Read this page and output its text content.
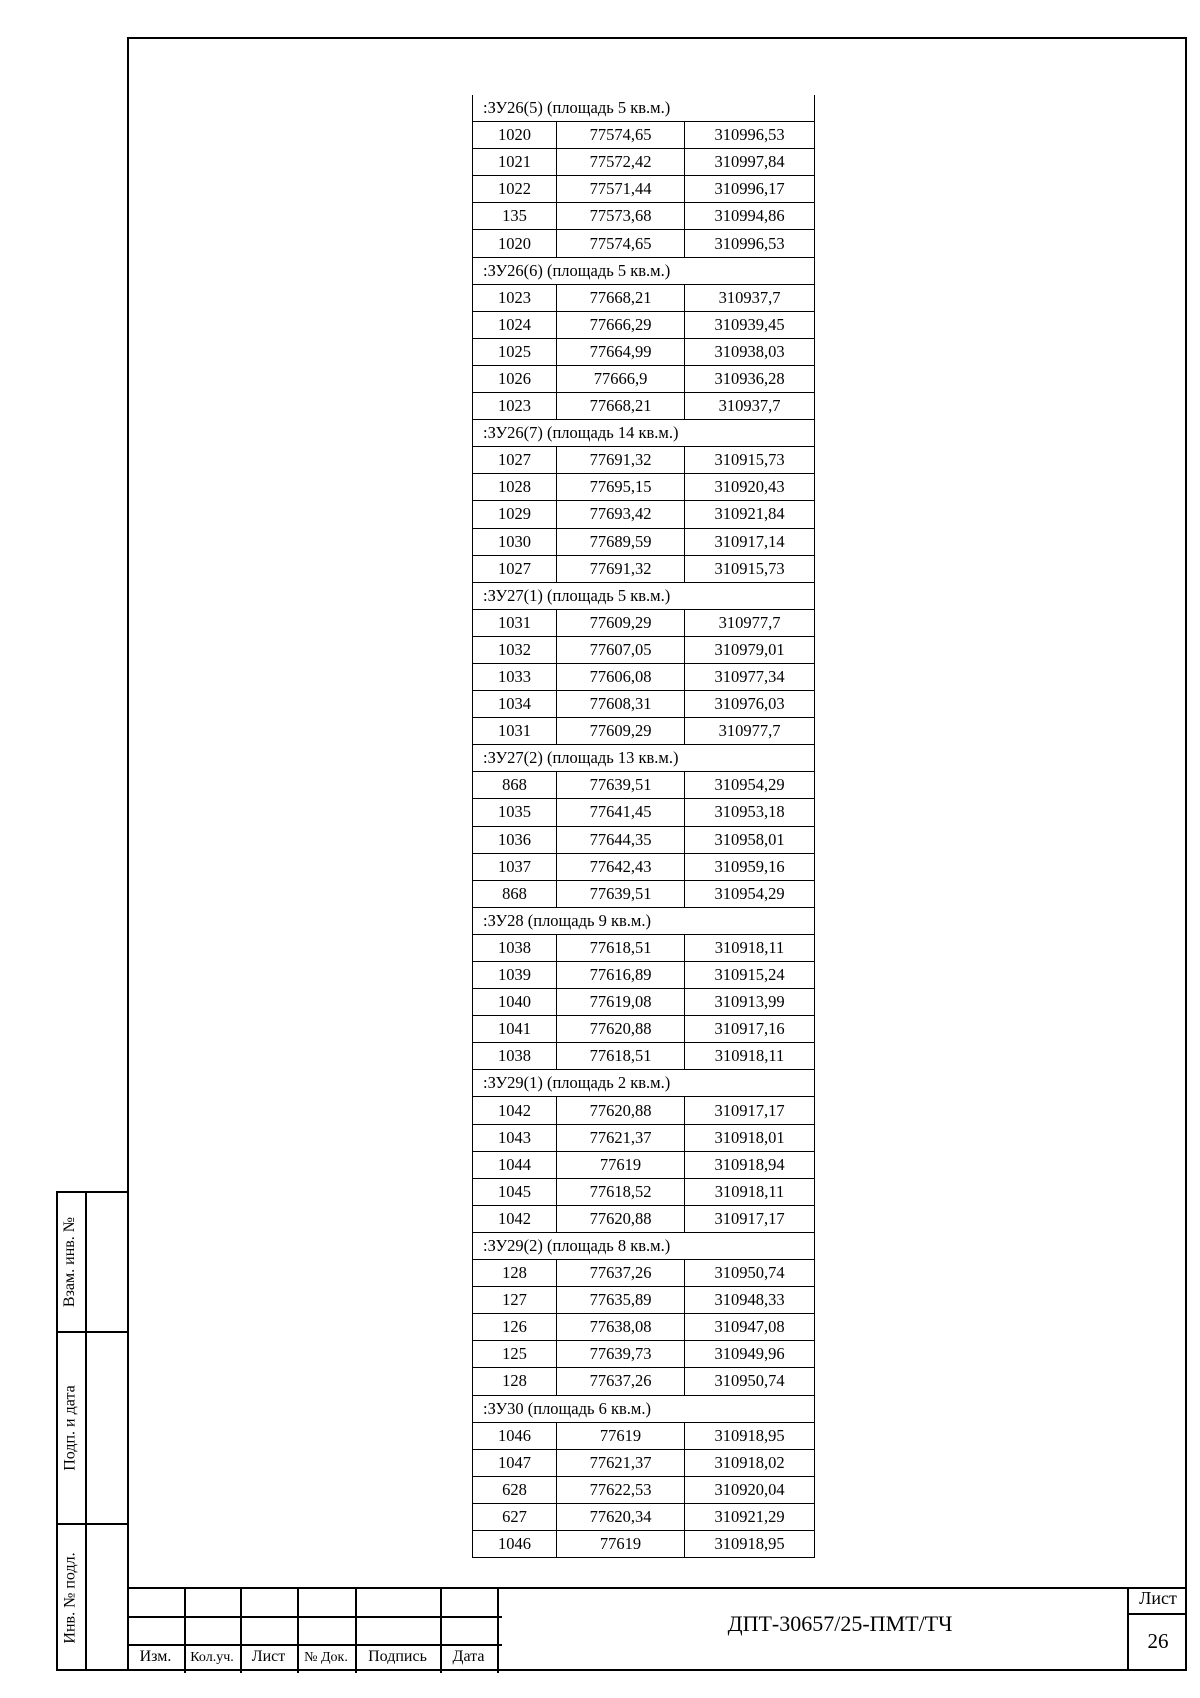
Взам. инв. №
Подп. и дата
Инв. № подл.
:ЗУ26(5) (площадь 5 кв.м.)		
1020	77574,65	310996,53
1021	77572,42	310997,84
1022	77571,44	310996,17
135	77573,68	310994,86
1020	77574,65	310996,53
:ЗУ26(6) (площадь 5 кв.м.)		
1023	77668,21	310937,7
1024	77666,29	310939,45
1025	77664,99	310938,03
1026	77666,9	310936,28
1023	77668,21	310937,7
:ЗУ26(7) (площадь 14 кв.м.)		
1027	77691,32	310915,73
1028	77695,15	310920,43
1029	77693,42	310921,84
1030	77689,59	310917,14
1027	77691,32	310915,73
:ЗУ27(1) (площадь 5 кв.м.)		
1031	77609,29	310977,7
1032	77607,05	310979,01
1033	77606,08	310977,34
1034	77608,31	310976,03
1031	77609,29	310977,7
:ЗУ27(2) (площадь 13 кв.м.)		
868	77639,51	310954,29
1035	77641,45	310953,18
1036	77644,35	310958,01
1037	77642,43	310959,16
868	77639,51	310954,29
:ЗУ28 (площадь 9 кв.м.)		
1038	77618,51	310918,11
1039	77616,89	310915,24
1040	77619,08	310913,99
1041	77620,88	310917,16
1038	77618,51	310918,11
:ЗУ29(1) (площадь 2 кв.м.)		
1042	77620,88	310917,17
1043	77621,37	310918,01
1044	77619	310918,94
1045	77618,52	310918,11
1042	77620,88	310917,17
:ЗУ29(2) (площадь 8 кв.м.)		
128	77637,26	310950,74
127	77635,89	310948,33
126	77638,08	310947,08
125	77639,73	310949,96
128	77637,26	310950,74
:ЗУ30 (площадь 6 кв.м.)		
1046	77619	310918,95
1047	77621,37	310918,02
628	77622,53	310920,04
627	77620,34	310921,29
1046	77619	310918,95
Изм.	Кол.уч.	Лист	№ Док.	Подпись	Дата
ДПТ-30657/25-ПМТ/ТЧ
Лист
26
